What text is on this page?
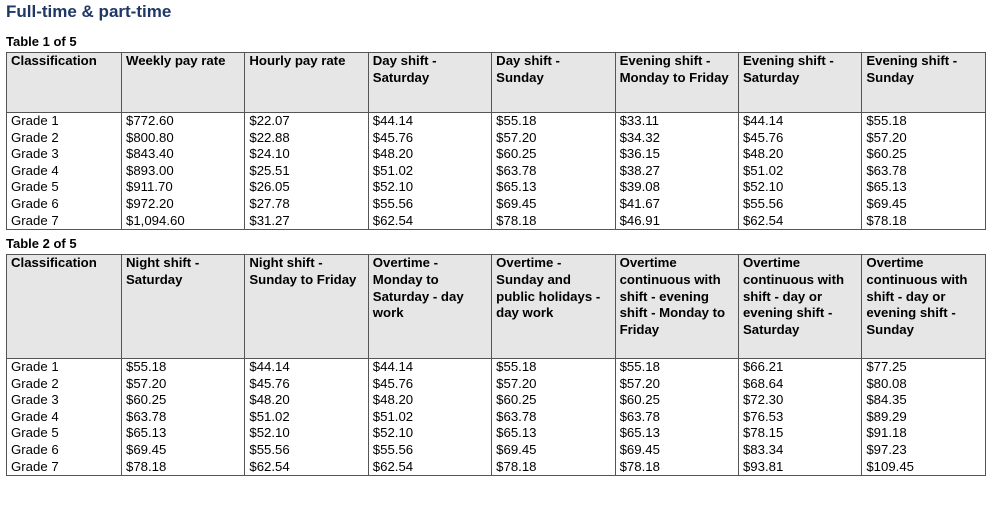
Full-time & part-time
Table 1 of 5
Classification	Weekly pay rate	Hourly pay rate	Day shift - Saturday	Day shift - Sunday	Evening shift - Monday to Friday	Evening shift - Saturday	Evening shift - Sunday
Grade 1	$772.60	$22.07	$44.14	$55.18	$33.11	$44.14	$55.18
Grade 2	$800.80	$22.88	$45.76	$57.20	$34.32	$45.76	$57.20
Grade 3	$843.40	$24.10	$48.20	$60.25	$36.15	$48.20	$60.25
Grade 4	$893.00	$25.51	$51.02	$63.78	$38.27	$51.02	$63.78
Grade 5	$911.70	$26.05	$52.10	$65.13	$39.08	$52.10	$65.13
Grade 6	$972.20	$27.78	$55.56	$69.45	$41.67	$55.56	$69.45
Grade 7	$1,094.60	$31.27	$62.54	$78.18	$46.91	$62.54	$78.18
Table 2 of 5
Classification	Night shift - Saturday	Night shift - Sunday to Friday	Overtime - Monday to Saturday - day work	Overtime - Sunday and public holidays - day work	Overtime continuous with shift - evening shift - Monday to Friday	Overtime continuous with shift - day or evening shift - Saturday	Overtime continuous with shift - day or evening shift - Sunday
Grade 1	$55.18	$44.14	$44.14	$55.18	$55.18	$66.21	$77.25
Grade 2	$57.20	$45.76	$45.76	$57.20	$57.20	$68.64	$80.08
Grade 3	$60.25	$48.20	$48.20	$60.25	$60.25	$72.30	$84.35
Grade 4	$63.78	$51.02	$51.02	$63.78	$63.78	$76.53	$89.29
Grade 5	$65.13	$52.10	$52.10	$65.13	$65.13	$78.15	$91.18
Grade 6	$69.45	$55.56	$55.56	$69.45	$69.45	$83.34	$97.23
Grade 7	$78.18	$62.54	$62.54	$78.18	$78.18	$93.81	$109.45
